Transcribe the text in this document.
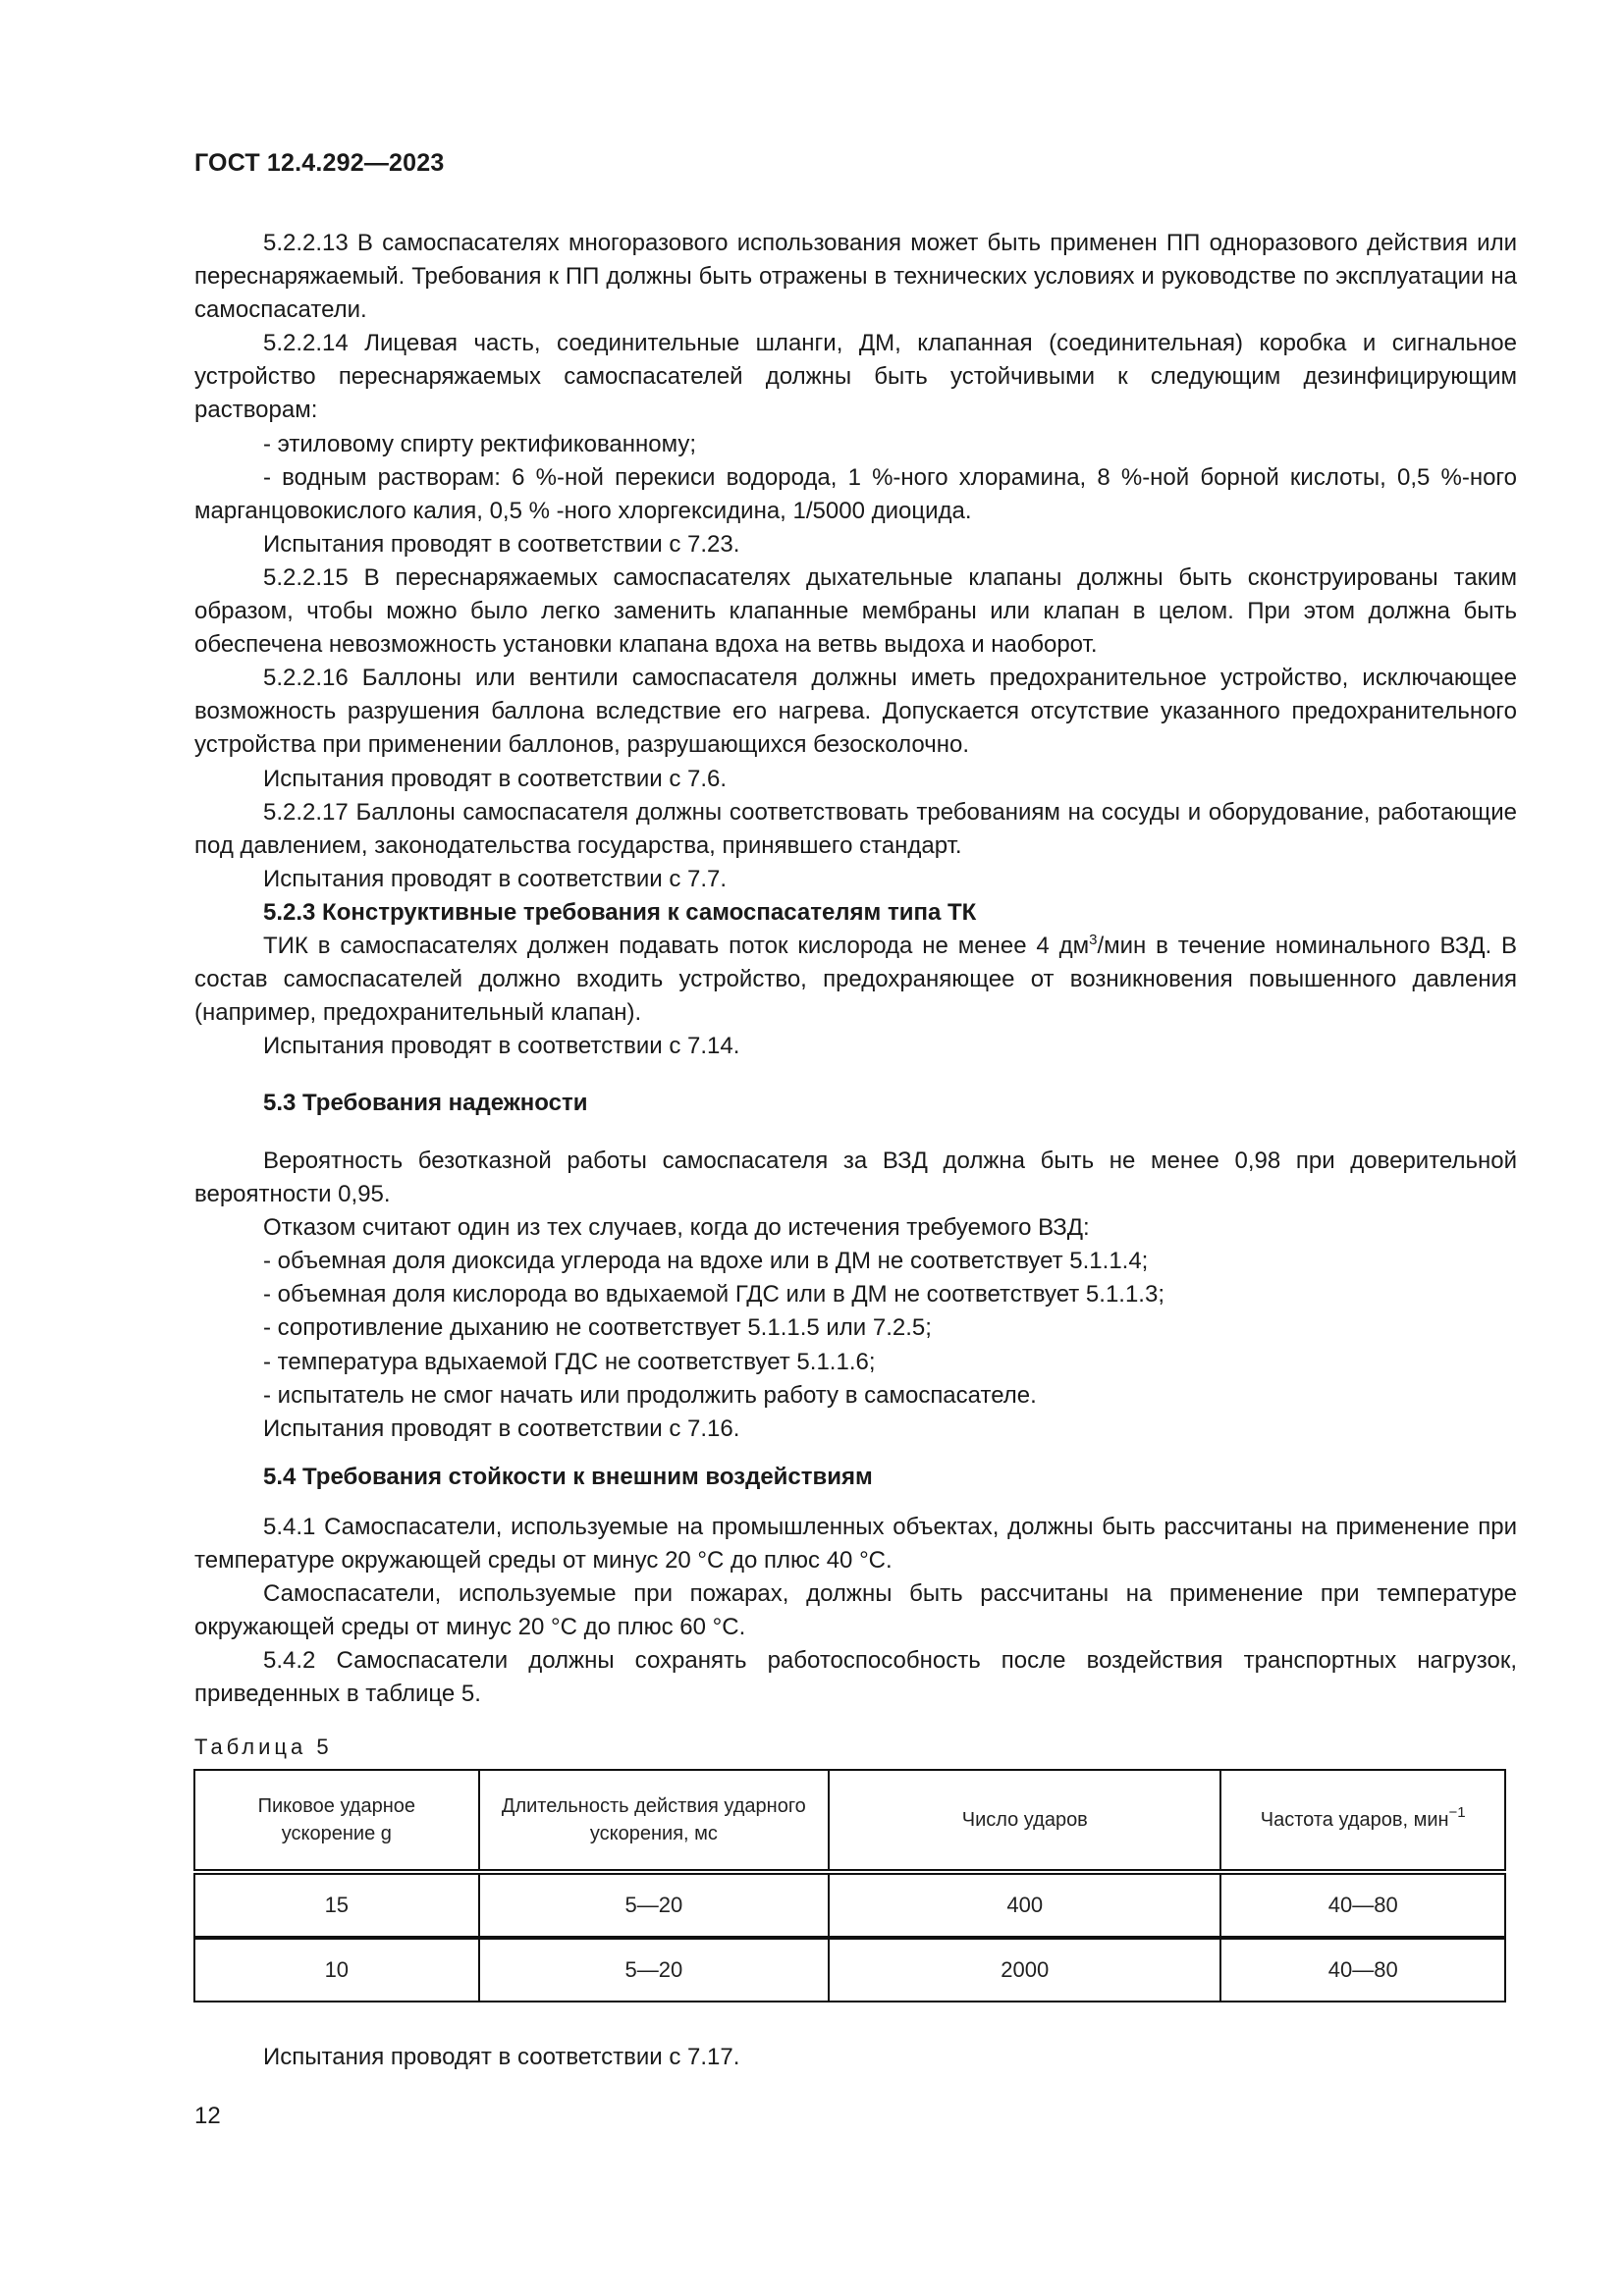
ГОСТ 12.4.292—2023

5.2.2.13 В самоспасателях многоразового использования может быть применен ПП одноразового действия или переснаряжаемый. Требования к ПП должны быть отражены в технических условиях и руководстве по эксплуатации на самоспасатели.

5.2.2.14 Лицевая часть, соединительные шланги, ДМ, клапанная (соединительная) коробка и сигнальное устройство переснаряжаемых самоспасателей должны быть устойчивыми к следующим дезинфицирующим растворам:

- этиловому спирту ректификованному;

- водным растворам: 6 %-ной перекиси водорода, 1 %-ного хлорамина, 8 %-ной борной кислоты, 0,5 %-ного марганцовокислого калия, 0,5 % -ного хлоргексидина, 1/5000 диоцида.

Испытания проводят в соответствии с 7.23.

5.2.2.15 В переснаряжаемых самоспасателях дыхательные клапаны должны быть сконструированы таким образом, чтобы можно было легко заменить клапанные мембраны или клапан в целом. При этом должна быть обеспечена невозможность установки клапана вдоха на ветвь выдоха и наоборот.

5.2.2.16 Баллоны или вентили самоспасателя должны иметь предохранительное устройство, исключающее возможность разрушения баллона вследствие его нагрева. Допускается отсутствие указанного предохранительного устройства при применении баллонов, разрушающихся безосколочно.

Испытания проводят в соответствии с 7.6.

5.2.2.17 Баллоны самоспасателя должны соответствовать требованиям на сосуды и оборудование, работающие под давлением, законодательства государства, принявшего стандарт.

Испытания проводят в соответствии с 7.7.

5.2.3 Конструктивные требования к самоспасателям типа ТК

ТИК в самоспасателях должен подавать поток кислорода не менее 4 $дм^3$/мин в течение номинального ВЗД. В состав самоспасателей должно входить устройство, предохраняющее от возникновения повышенного давления (например, предохранительный клапан).

Испытания проводят в соответствии с 7.14.

5.3 Требования надежности

Вероятность безотказной работы самоспасателя за ВЗД должна быть не менее 0,98 при доверительной вероятности 0,95.

Отказом считают один из тех случаев, когда до истечения требуемого ВЗД:

- объемная доля диоксида углерода на вдохе или в ДМ не соответствует 5.1.1.4;

- объемная доля кислорода во вдыхаемой ГДС или в ДМ не соответствует 5.1.1.3;

- сопротивление дыханию не соответствует 5.1.1.5 или 7.2.5;

- температура вдыхаемой ГДС не соответствует 5.1.1.6;

- испытатель не смог начать или продолжить работу в самоспасателе.

Испытания проводят в соответствии с 7.16.

5.4 Требования стойкости к внешним воздействиям

5.4.1 Самоспасатели, используемые на промышленных объектах, должны быть рассчитаны на применение при температуре окружающей среды от минус 20 °С до плюс 40 °С.

Самоспасатели, используемые при пожарах, должны быть рассчитаны на применение при температуре окружающей среды от минус 20 °С до плюс 60 °С.

5.4.2 Самоспасатели должны сохранять работоспособность после воздействия транспортных нагрузок, приведенных в таблице 5.

Таблица 5
Пиковое ударное ускорение g	Длительность действия ударного ускорения, мс	Число ударов	Частота ударов, мин$^{-1}$
15	5—20	400	40—80
10	5—20	2000	40—80
Испытания проводят в соответствии с 7.17.
12
